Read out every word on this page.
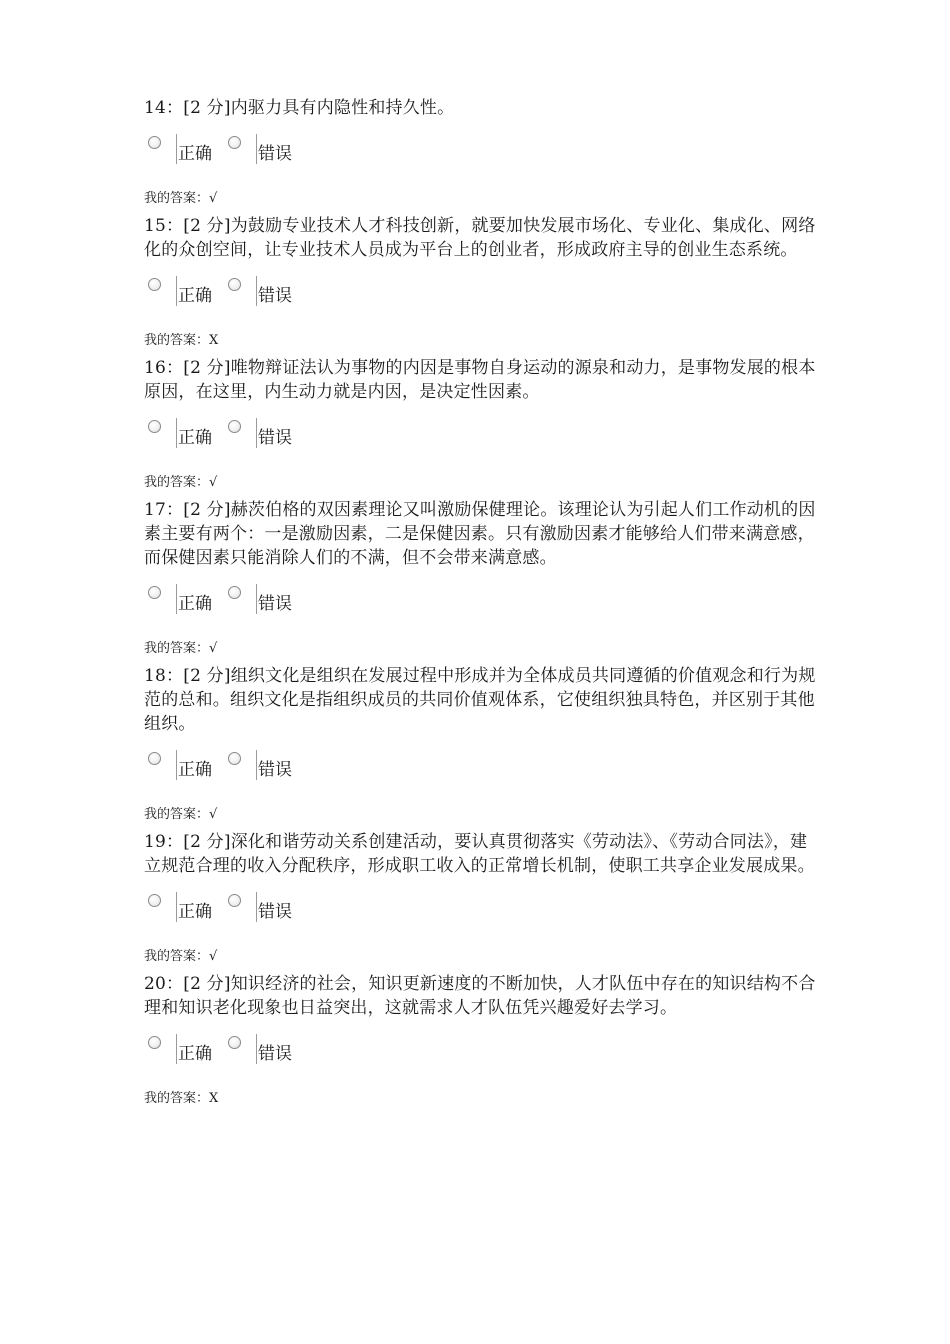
14：[2 分]内驱力具有内隐性和持久性。

正确	错误
我的答案：√

15：[2 分]为鼓励专业技术人才科技创新，就要加快发展市场化、专业化、集成化、网络化的众创空间，让专业技术人员成为平台上的创业者，形成政府主导的创业生态系统。

正确	错误
我的答案：X

16：[2 分]唯物辩证法认为事物的内因是事物自身运动的源泉和动力，是事物发展的根本原因，在这里，内生动力就是内因，是决定性因素。

正确	错误
我的答案：√

17：[2 分]赫茨伯格的双因素理论又叫激励保健理论。该理论认为引起人们工作动机的因素主要有两个：一是激励因素，二是保健因素。只有激励因素才能够给人们带来满意感，而保健因素只能消除人们的不满，但不会带来满意感。

正确	错误
我的答案：√

18：[2 分]组织文化是组织在发展过程中形成并为全体成员共同遵循的价值观念和行为规范的总和。组织文化是指组织成员的共同价值观体系，它使组织独具特色，并区别于其他组织。

正确	错误
我的答案：√

19：[2 分]深化和谐劳动关系创建活动，要认真贯彻落实《劳动法》、《劳动合同法》，建立规范合理的收入分配秩序，形成职工收入的正常增长机制，使职工共享企业发展成果。

正确	错误
我的答案：√

20：[2 分]知识经济的社会，知识更新速度的不断加快，人才队伍中存在的知识结构不合理和知识老化现象也日益突出，这就需求人才队伍凭兴趣爱好去学习。

正确	错误
我的答案：X
